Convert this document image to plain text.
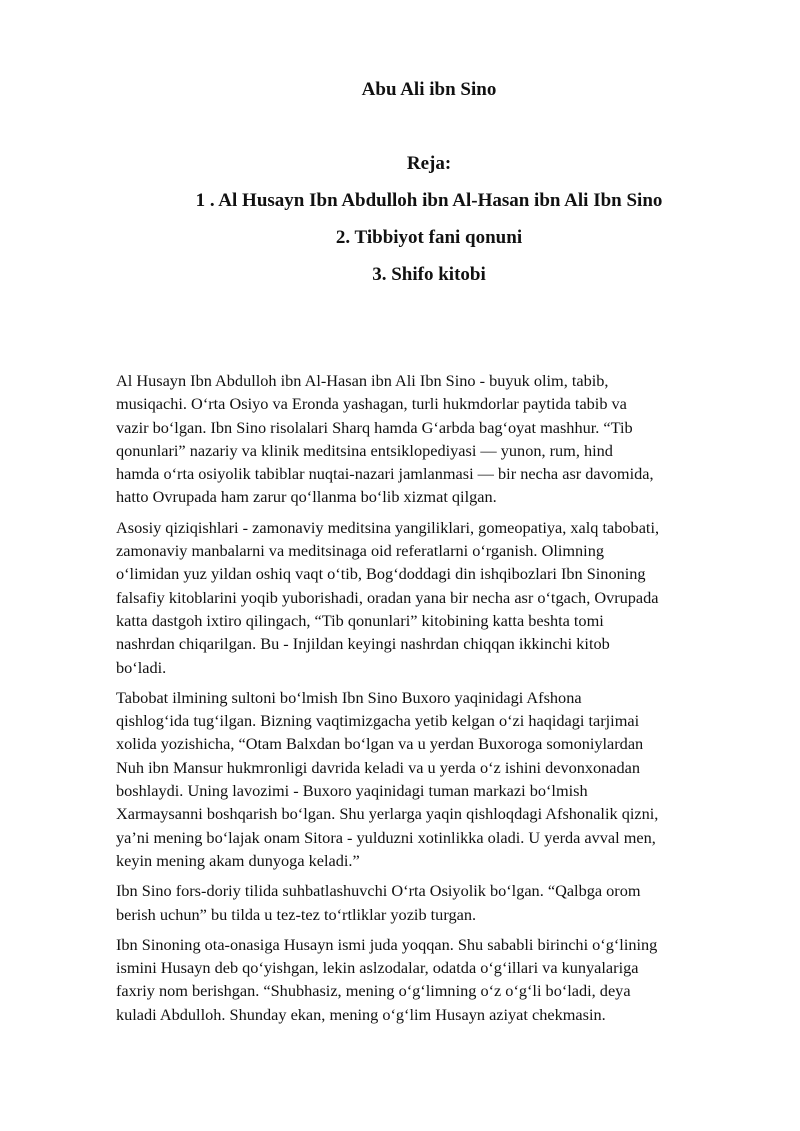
Abu Ali ibn Sino
Reja:
1 . Al Husayn Ibn Abdulloh ibn Al-Hasan ibn Ali Ibn Sino
2. Tibbiyot fani qonuni
3. Shifo kitobi

Al Husayn Ibn Abdulloh ibn Al-Hasan ibn Ali Ibn Sino - buyuk olim, tabib,
musiqachi. O‘rta Osiyo va Eronda yashagan, turli hukmdorlar paytida tabib va
vazir bo‘lgan. Ibn Sino risolalari Sharq hamda G‘arbda bag‘oyat mashhur. “Tib
qonunlari” nazariy va klinik meditsina entsiklopediyasi — yunon, rum, hind
hamda o‘rta osiyolik tabiblar nuqtai-nazari jamlanmasi — bir necha asr davomida,
hatto Ovrupada ham zarur qo‘llanma bo‘lib xizmat qilgan.

Asosiy qiziqishlari - zamonaviy meditsina yangiliklari, gomeopatiya, xalq tabobati,
zamonaviy manbalarni va meditsinaga oid referatlarni o‘rganish. Olimning
o‘limidan yuz yildan oshiq vaqt o‘tib, Bog‘doddagi din ishqibozlari Ibn Sinoning
falsafiy kitoblarini yoqib yuborishadi, oradan yana bir necha asr o‘tgach, Ovrupada
katta dastgoh ixtiro qilingach, “Tib qonunlari” kitobining katta beshta tomi
nashrdan chiqarilgan. Bu - Injildan keyingi nashrdan chiqqan ikkinchi kitob
bo‘ladi.

Tabobat ilmining sultoni bo‘lmish Ibn Sino Buxoro yaqinidagi Afshona
qishlog‘ida tug‘ilgan. Bizning vaqtimizgacha yetib kelgan o‘zi haqidagi tarjimai
xolida yozishicha, “Otam Balxdan bo‘lgan va u yerdan Buxoroga somoniylardan
Nuh ibn Mansur hukmronligi davrida keladi va u yerda o‘z ishini devonxonadan
boshlaydi. Uning lavozimi - Buxoro yaqinidagi tuman markazi bo‘lmish
Xarmaysanni boshqarish bo‘lgan. Shu yerlarga yaqin qishloqdagi Afshonalik qizni,
ya’ni mening bo‘lajak onam Sitora - yulduzni xotinlikka oladi. U yerda avval men,
keyin mening akam dunyoga keladi.”

Ibn Sino fors-doriy tilida suhbatlashuvchi O‘rta Osiyolik bo‘lgan. “Qalbga orom
berish uchun” bu tilda u tez-tez to‘rtliklar yozib turgan.

Ibn Sinoning ota-onasiga Husayn ismi juda yoqqan. Shu sababli birinchi o‘g‘lining
ismini Husayn deb qo‘yishgan, lekin aslzodalar, odatda o‘g‘illari va kunyalariga
faxriy nom berishgan. “Shubhasiz, mening o‘g‘limning o‘z o‘g‘li bo‘ladi, deya
kuladi Abdulloh. Shunday ekan, mening o‘g‘lim Husayn aziyat chekmasin.
